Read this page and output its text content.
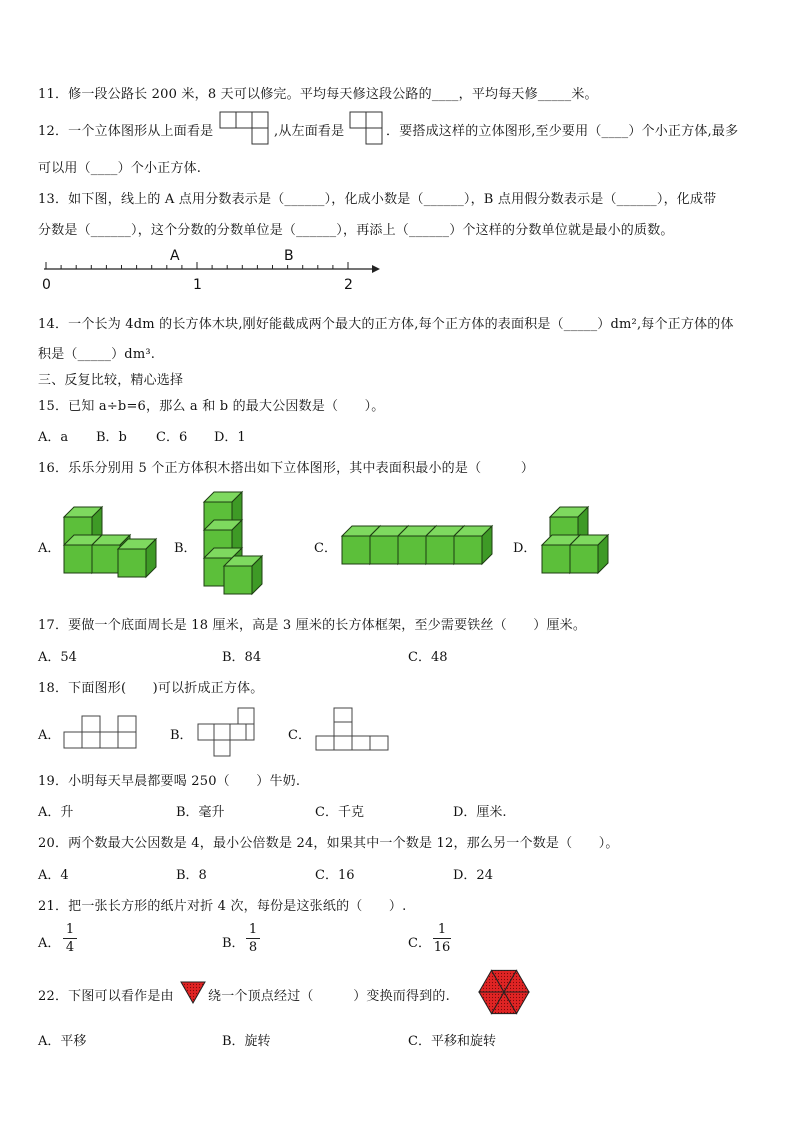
11．修一段公路长 200 米，8 天可以修完。平均每天修这段公路的____，平均每天修_____米。
12．一个立体图形从上面看是	,从左面看是	．要搭成这样的立体图形,至少要用（____）个小正方体,最多
可以用（____）个小正方体.
13．如下图，线上的 A 点用分数表示是（______），化成小数是（______），B 点用假分数表示是（______），化成带
分数是（______），这个分数的分数单位是（______），再添上（______）个这样的分数单位就是最小的质数。
A	B
0	1	2
14．一个长为 4dm 的长方体木块,刚好能截成两个最大的正方体,每个正方体的表面积是（_____）dm²,每个正方体的体
积是（_____）dm³.
三、反复比较，精心选择
15．已知 a÷b=6，那么 a 和 b 的最大公因数是（　　）。
A．a B．b C．6 D．1
16．乐乐分别用 5 个正方体积木搭出如下立体图形，其中表面积最小的是（　　　）
A．	B．	C．	D．
17．要做一个底面周长是 18 厘米，高是 3 厘米的长方体框架，至少需要铁丝（　　）厘米。
A．54	B．84	C．48
18．下面图形(　　)可以折成正方体。
A．	B．	C．
19．小明每天早晨都要喝 250（　　）牛奶.
A．升	B．毫升	C．千克	D．厘米.
20．两个数最大公因数是 4，最小公倍数是 24，如果其中一个数是 12，那么另一个数是（　　）。
A．4	B．8	C．16	D．24
21．把一张长方形的纸片对折 4 次，每份是这张纸的（　　）.
A．
1
4	B．
1
8	C．
1
16
22．下图可以看作是由	绕一个顶点经过（　　　）变换而得到的.
A．平移	B．旋转	C．平移和旋转
